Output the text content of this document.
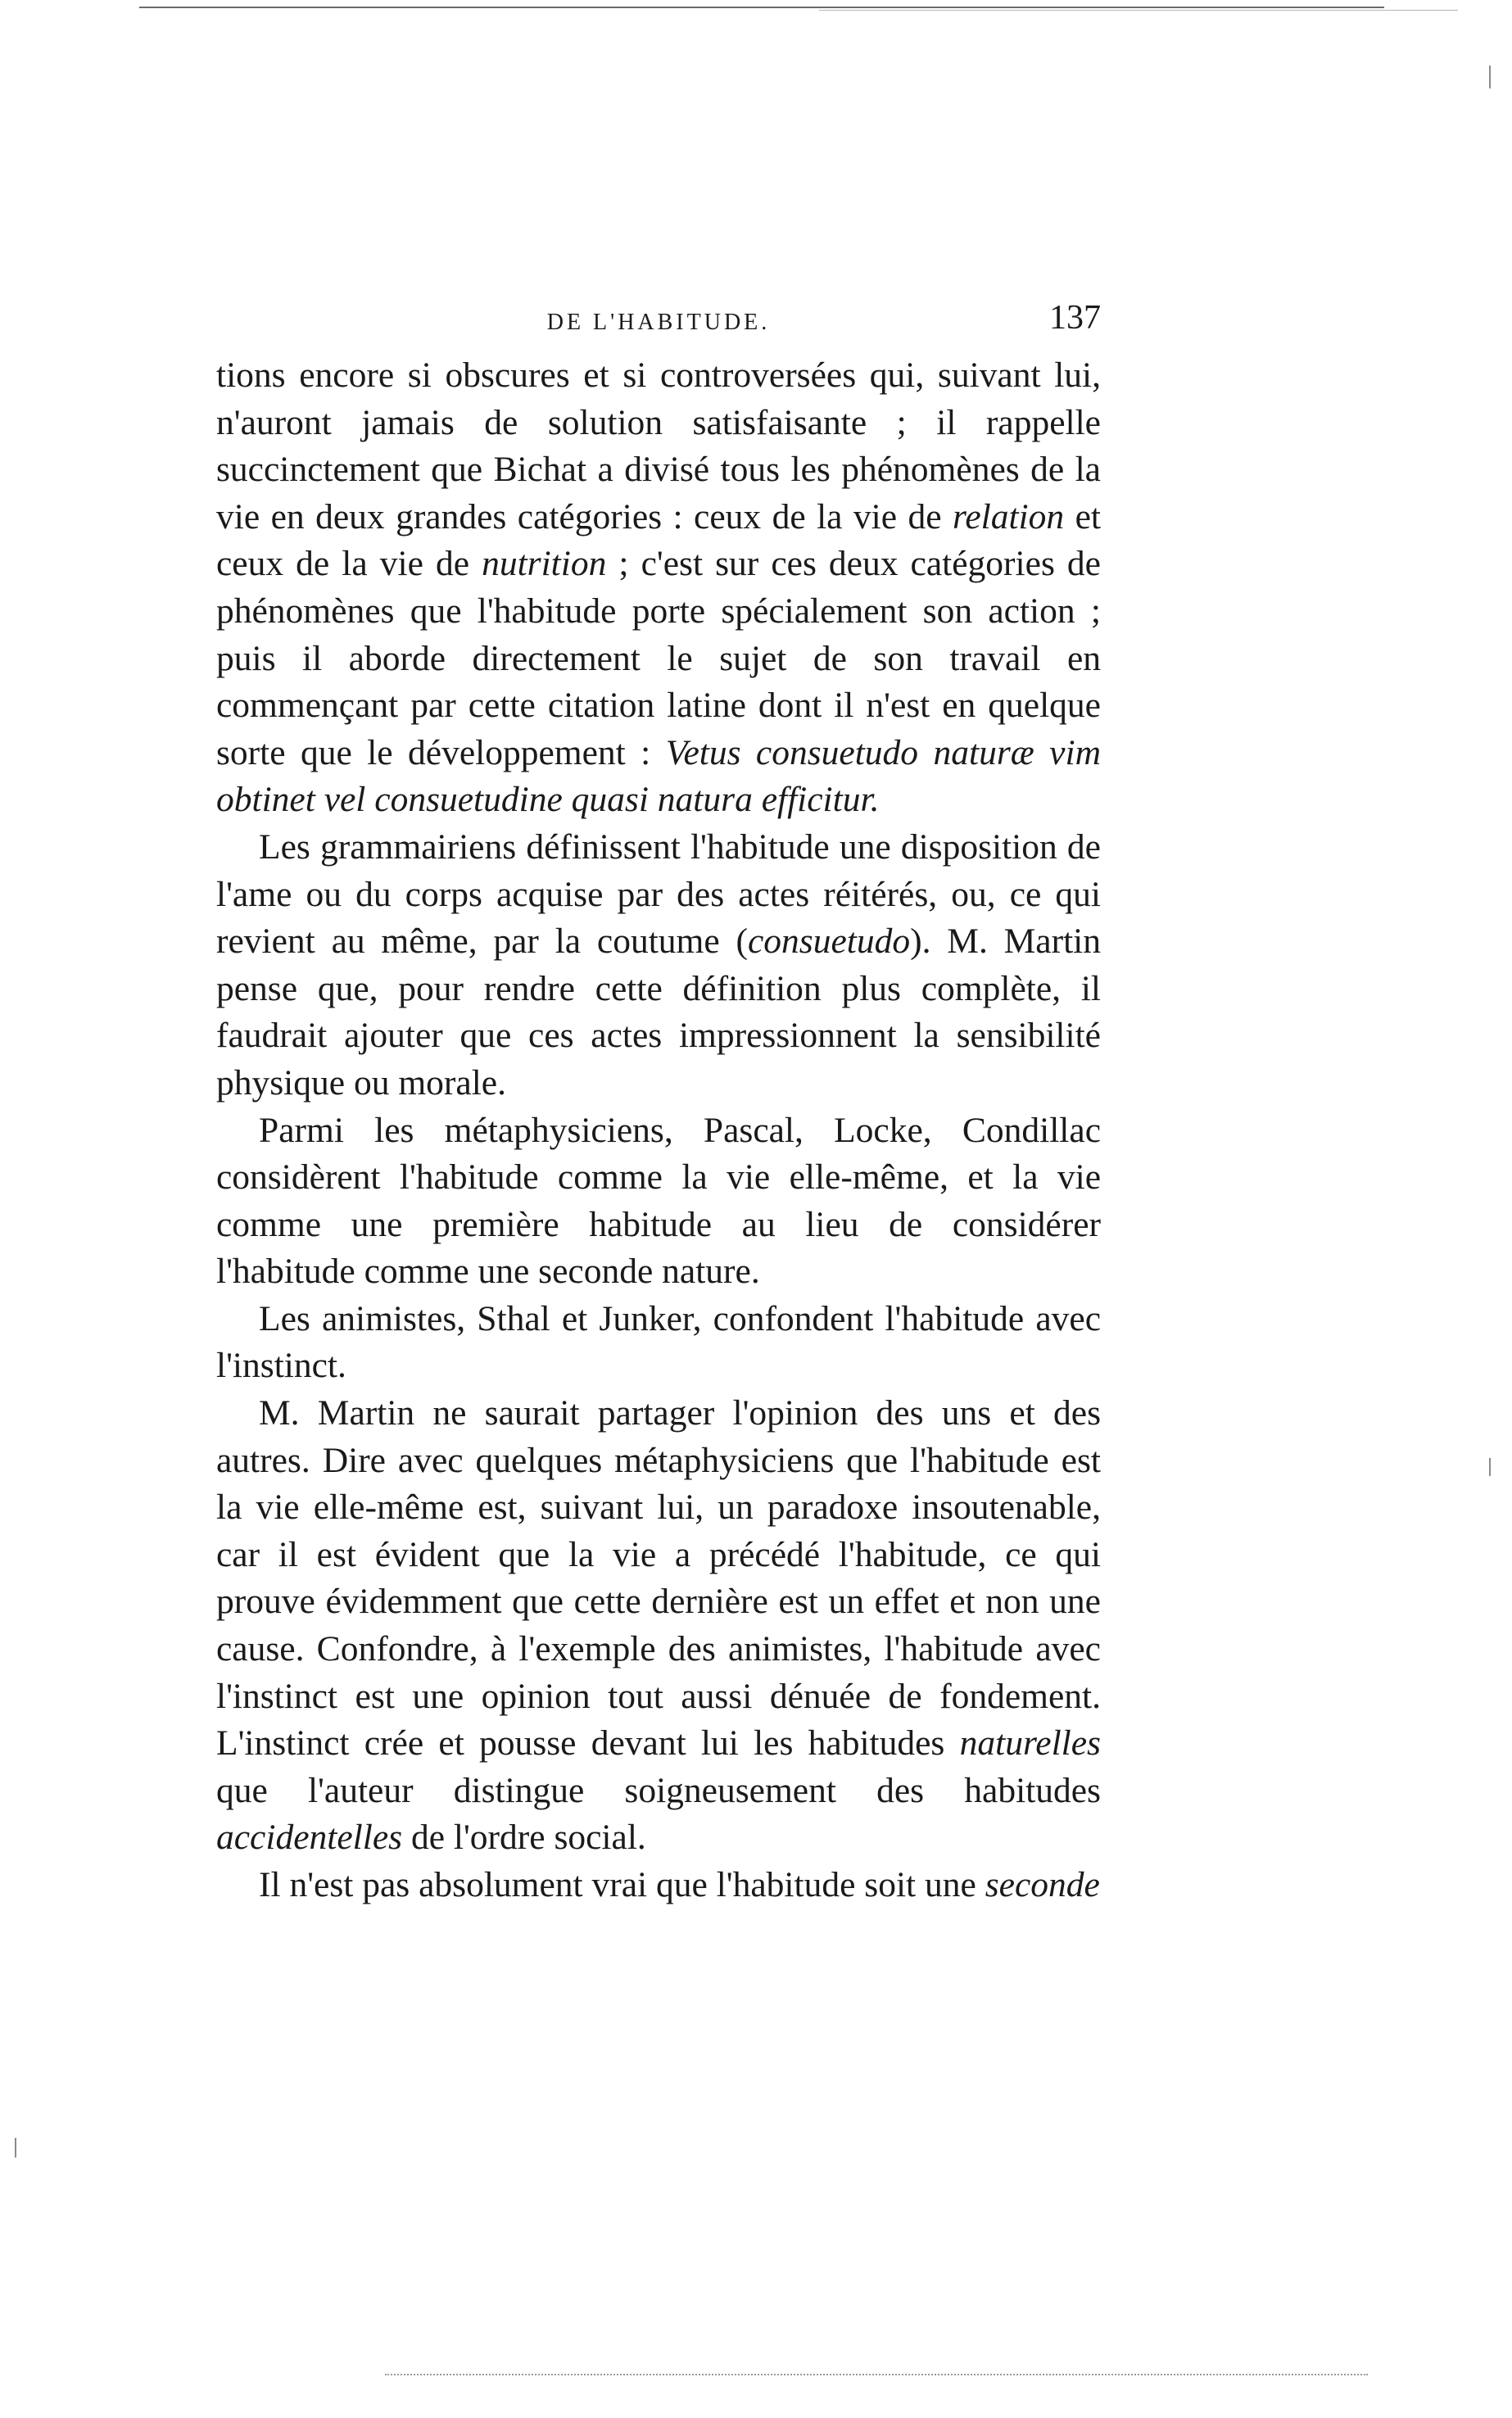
DE L'HABITUDE.	137

tions encore si obscures et si controversées qui, suivant lui, n'auront jamais de solution satisfaisante ; il rappelle succinctement que Bichat a divisé tous les phénomènes de la vie en deux grandes catégories : ceux de la vie de relation et ceux de la vie de nutrition ; c'est sur ces deux catégories de phénomènes que l'habitude porte spécialement son action ; puis il aborde directement le sujet de son travail en commençant par cette citation latine dont il n'est en quelque sorte que le développement : Vetus consuetudo naturæ vim obtinet vel consuetudine quasi natura efficitur.

Les grammairiens définissent l'habitude une disposition de l'ame ou du corps acquise par des actes réitérés, ou, ce qui revient au même, par la coutume (consuetudo). M. Martin pense que, pour rendre cette définition plus complète, il faudrait ajouter que ces actes impressionnent la sensibilité physique ou morale.

Parmi les métaphysiciens, Pascal, Locke, Condillac considèrent l'habitude comme la vie elle-même, et la vie comme une première habitude au lieu de considérer l'habitude comme une seconde nature.

Les animistes, Sthal et Junker, confondent l'habitude avec l'instinct.

M. Martin ne saurait partager l'opinion des uns et des autres. Dire avec quelques métaphysiciens que l'habitude est la vie elle-même est, suivant lui, un paradoxe insoutenable, car il est évident que la vie a précédé l'habitude, ce qui prouve évidemment que cette dernière est un effet et non une cause. Confondre, à l'exemple des animistes, l'habitude avec l'instinct est une opinion tout aussi dénuée de fondement. L'instinct crée et pousse devant lui les habitudes naturelles que l'auteur distingue soigneusement des habitudes accidentelles de l'ordre social.

Il n'est pas absolument vrai que l'habitude soit une seconde
